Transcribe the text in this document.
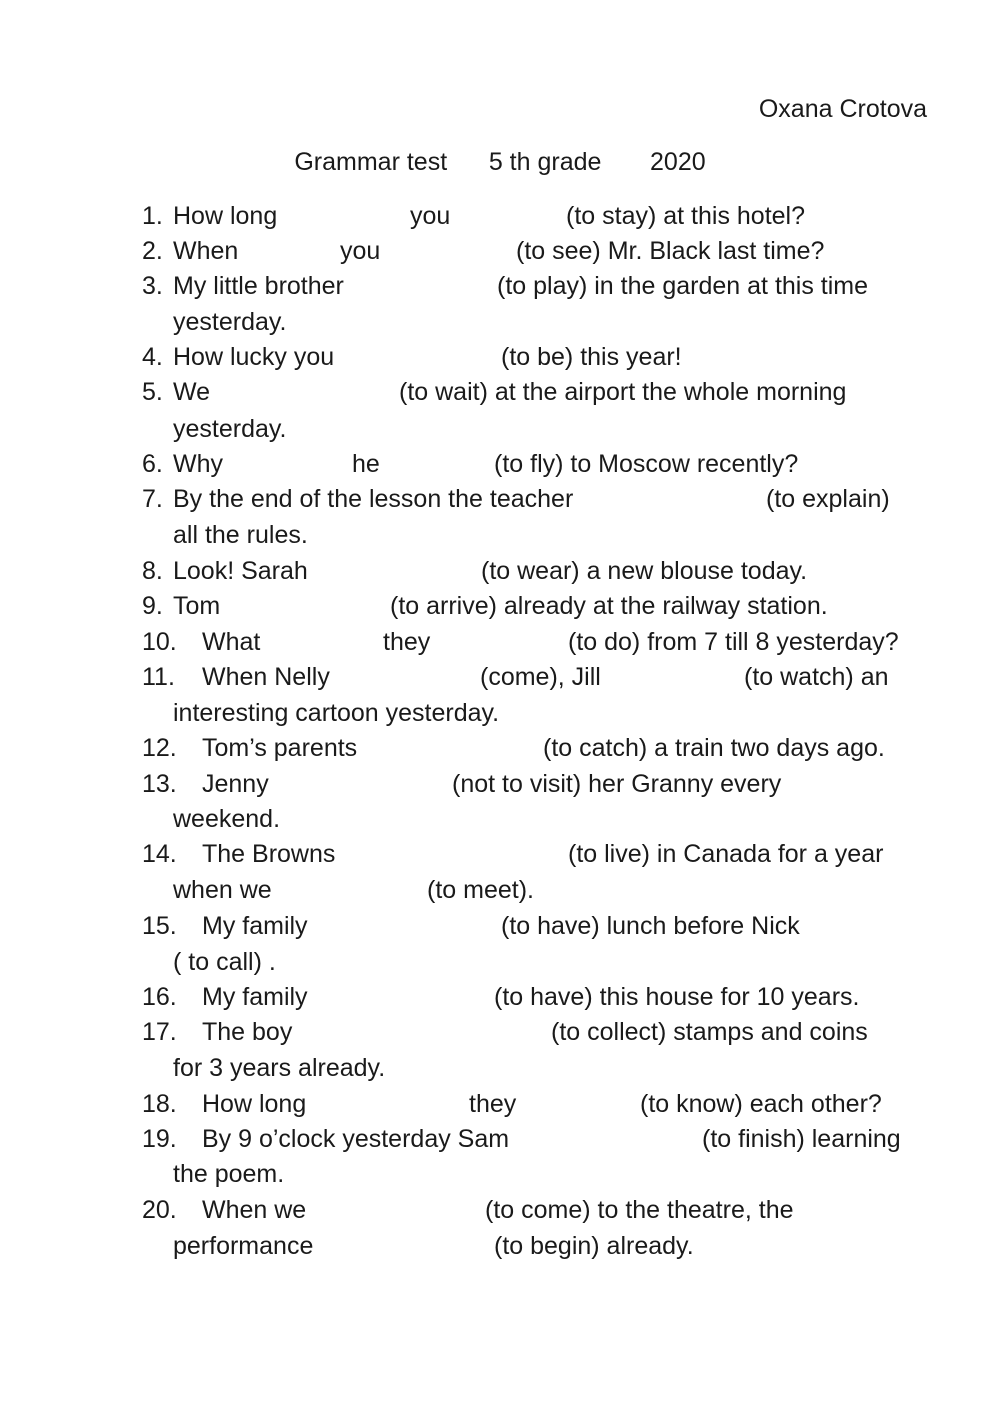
Oxana Crotova
Grammar test      5 th grade       2020
1. How long	you	(to stay) at this hotel?
2. When	you	(to see) Mr. Black last time?
3. My little brother	(to play) in the garden at this time
yesterday.
4. How lucky you	(to be) this year!
5. We	(to wait) at the airport the whole morning
yesterday.
6. Why	he	(to fly) to Moscow recently?
7. By the end of the lesson the teacher	(to explain)
all the rules.
8. Look! Sarah	(to wear) a new blouse today.
9. Tom	(to arrive) already at the railway station.
10. What	they	(to do) from 7 till 8 yesterday?
11. When Nelly	(come), Jill	(to watch) an
interesting cartoon yesterday.
12. Tom’s parents	(to catch) a train two days ago.
13. Jenny	(not to visit) her Granny every
weekend.
14. The Browns	(to live) in Canada for a year
when we	(to meet).
15. My family	(to have) lunch before Nick
( to call) .
16. My family	(to have) this house for 10 years.
17. The boy	(to collect) stamps and coins
for 3 years already.
18. How long	they	(to know) each other?
19. By 9 o’clock yesterday Sam	(to finish) learning
the poem.
20. When we	(to come) to the theatre, the
performance	(to begin) already.
